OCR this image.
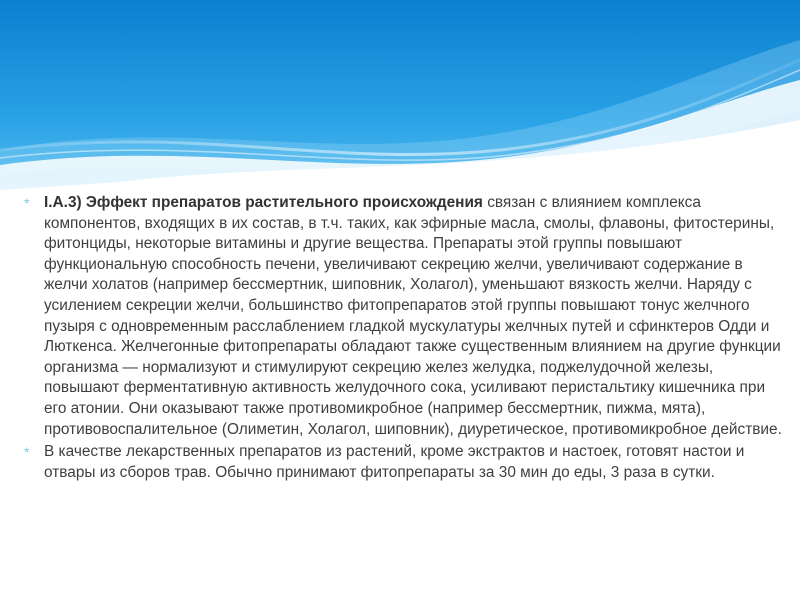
* I.A.3) Эффект препаратов растительного происхождения связан с влиянием комплекса компонентов, входящих в их состав, в т.ч. таких, как эфирные масла, смолы, флавоны, фитостерины, фитонциды, некоторые витамины и другие вещества. Препараты этой группы повышают функциональную способность печени, увеличивают секрецию желчи, увеличивают содержание в желчи холатов (например бессмертник, шиповник, Холагол), уменьшают вязкость желчи. Наряду с усилением секреции желчи, большинство фитопрепаратов этой группы повышают тонус желчного пузыря с одновременным расслаблением гладкой мускулатуры желчных путей и сфинктеров Одди и Люткенса. Желчегонные фитопрепараты обладают также существенным влиянием на другие функции организма — нормализуют и стимулируют секрецию желез желудка, поджелудочной железы, повышают ферментативную активность желудочного сока, усиливают перистальтику кишечника при его атонии. Они оказывают также противомикробное (например бессмертник, пижма, мята), противовоспалительное (Олиметин, Холагол, шиповник), диуретическое, противомикробное действие.
* В качестве лекарственных препаратов из растений, кроме экстрактов и настоек, готовят настои и отвары из сборов трав. Обычно принимают фитопрепараты за 30 мин до еды, 3 раза в сутки.
